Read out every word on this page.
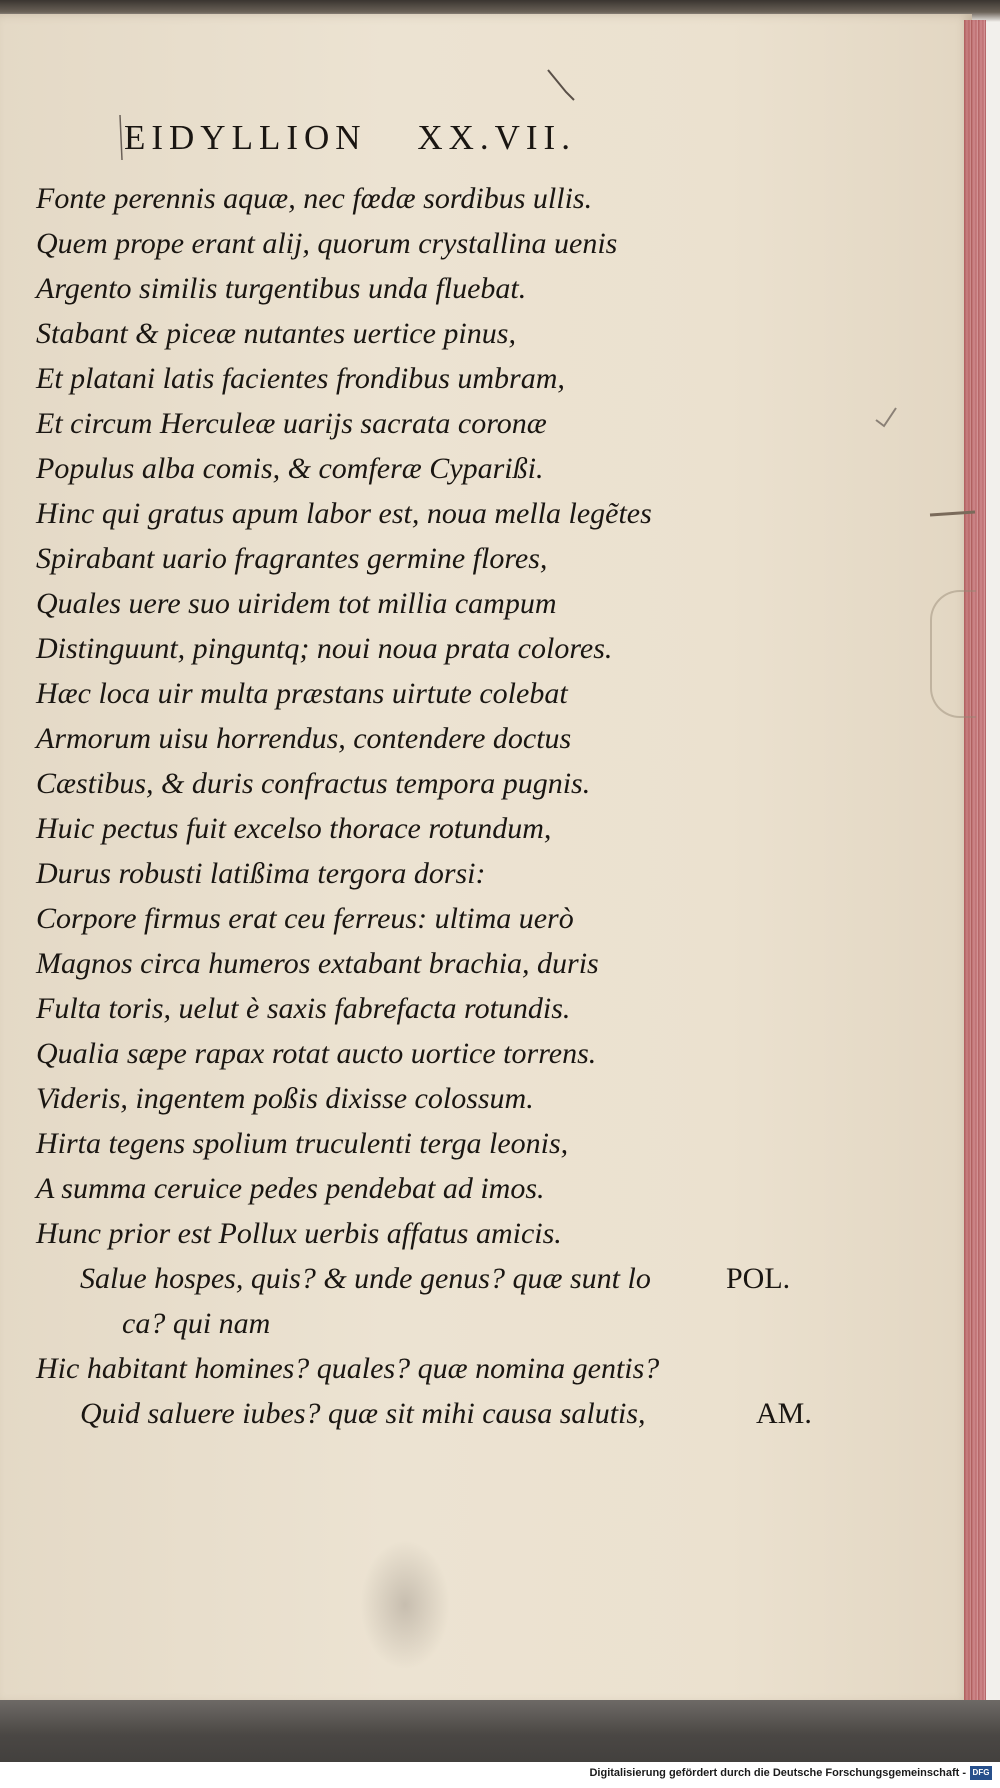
EIDYLLION XX.VII.
Fonte perennis aquæ, nec fœdæ sordibus ullis.
Quem prope erant alij, quorum crystallina uenis
Argento similis turgentibus unda fluebat.
Stabant & piceæ nutantes uertice pinus,
Et platani latis facientes frondibus umbram,
Et circum Herculeæ uarijs sacrata coronæ
Populus alba comis, & comferæ Cyparißi.
Hinc qui gratus apum labor est, noua mella legẽtes
Spirabant uario fragrantes germine flores,
Quales uere suo uiridem tot millia campum
Distinguunt, pinguntq; noui noua prata colores.
Hæc loca uir multa præstans uirtute colebat
Armorum uisu horrendus, contendere doctus
Cæstibus, & duris confractus tempora pugnis.
Huic pectus fuit excelso thorace rotundum,
Durus robusti latißima tergora dorsi:
Corpore firmus erat ceu ferreus: ultima uerò
Magnos circa humeros extabant brachia, duris
Fulta toris, uelut è saxis fabrefacta rotundis.
Qualia sæpe rapax rotat aucto uortice torrens.
Videris, ingentem poßis dixisse colossum.
Hirta tegens spolium truculenti terga leonis,
A summa ceruice pedes pendebat ad imos.
Hunc prior est Pollux uerbis affatus amicis.
Salue hospes, quis? & unde genus? quæ sunt lo	POL.
ca? qui nam
Hic habitant homines? quales? quæ nomina gentis?
Quid saluere iubes? quæ sit mihi causa salutis,	AM.
Digitalisierung gefördert durch die Deutsche Forschungsgemeinschaft - DFG
